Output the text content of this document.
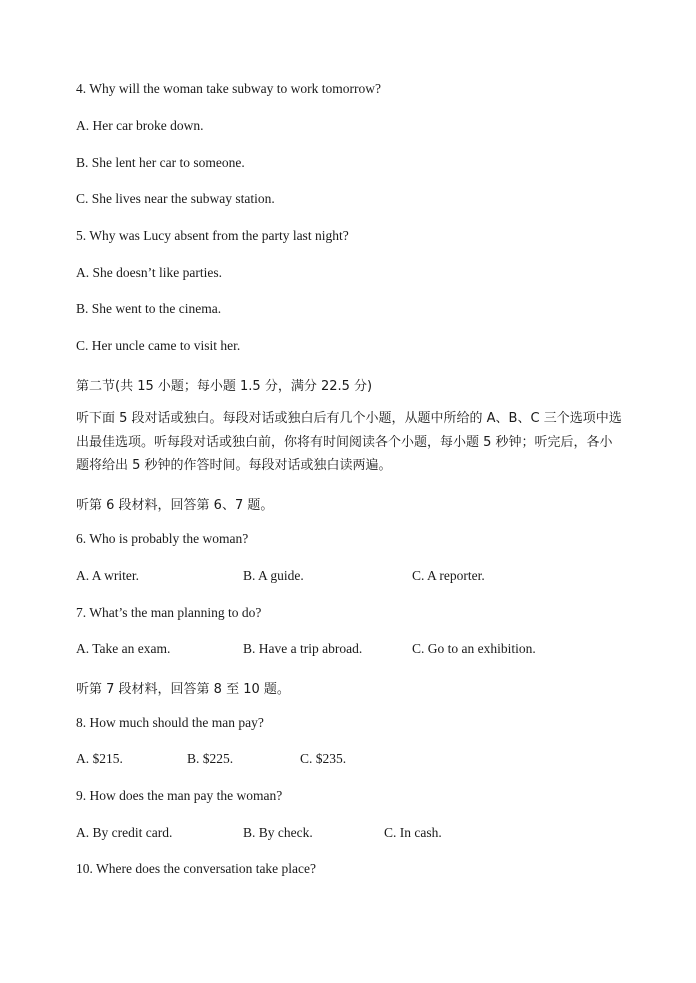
4. Why will the woman take subway to work tomorrow?
A. Her car broke down.
B. She lent her car to someone.
C. She lives near the subway station.
5. Why was Lucy absent from the party last night?
A. She doesn’t like parties.
B. She went to the cinema.
C. Her uncle came to visit her.
第二节(共 15 小题；每小题 1.5 分，满分 22.5 分)
听下面 5 段对话或独白。每段对话或独白后有几个小题，从题中所给的 A、B、C 三个选项中选出最佳选项。听每段对话或独白前，你将有时间阅读各个小题，每小题 5 秒钟；听完后，各小题将给出 5 秒钟的作答时间。每段对话或独白读两遍。
听第 6 段材料，回答第 6、7 题。
6. Who is probably the woman?
A. A writer.	B. A guide.	C. A reporter.
7. What’s the man planning to do?
A. Take an exam.	B. Have a trip abroad.	C. Go to an exhibition.
听第 7 段材料，回答第 8 至 10 题。
8. How much should the man pay?
A. $215.	B. $225.	C. $235.
9. How does the man pay the woman?
A. By credit card.	B. By check.	C. In cash.
10. Where does the conversation take place?
